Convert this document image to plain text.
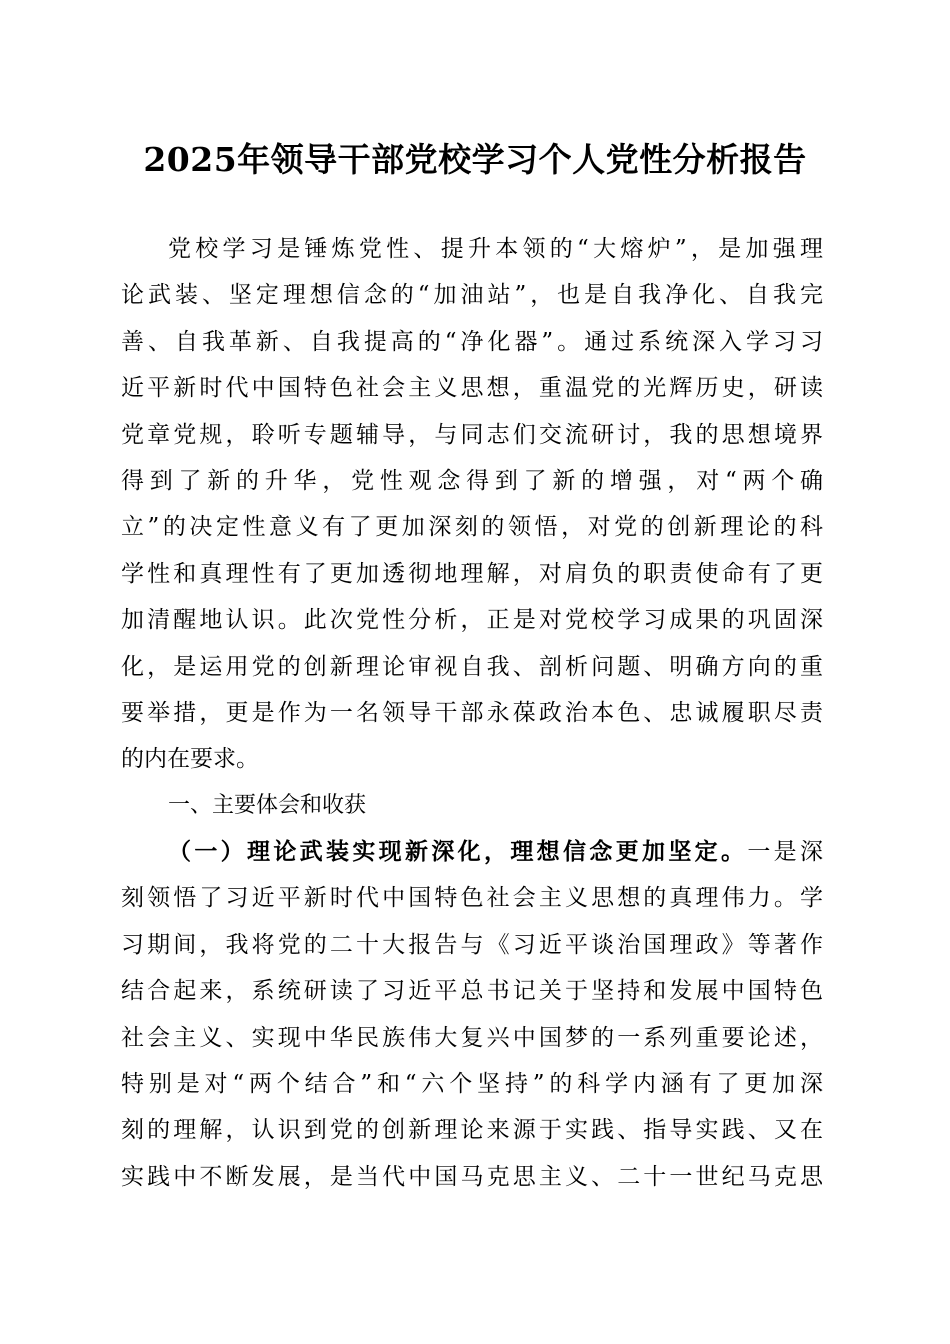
2025年领导干部党校学习个人党性分析报告
党校学习是锤炼党性、提升本领的“大熔炉”，是加强理
论武装、坚定理想信念的“加油站”，也是自我净化、自我完
善、自我革新、自我提高的“净化器”。通过系统深入学习习
近平新时代中国特色社会主义思想，重温党的光辉历史，研读
党章党规，聆听专题辅导，与同志们交流研讨，我的思想境界
得到了新的升华，党性观念得到了新的增强，对“两个确
立”的决定性意义有了更加深刻的领悟，对党的创新理论的科
学性和真理性有了更加透彻地理解，对肩负的职责使命有了更
加清醒地认识。此次党性分析，正是对党校学习成果的巩固深
化，是运用党的创新理论审视自我、剖析问题、明确方向的重
要举措，更是作为一名领导干部永葆政治本色、忠诚履职尽责
的内在要求。
一、主要体会和收获
（一）理论武装实现新深化，理想信念更加坚定。一是深
刻领悟了习近平新时代中国特色社会主义思想的真理伟力。学
习期间，我将党的二十大报告与《习近平谈治国理政》等著作
结合起来，系统研读了习近平总书记关于坚持和发展中国特色
社会主义、实现中华民族伟大复兴中国梦的一系列重要论述，
特别是对“两个结合”和“六个坚持”的科学内涵有了更加深
刻的理解，认识到党的创新理论来源于实践、指导实践、又在
实践中不断发展，是当代中国马克思主义、二十一世纪马克思
